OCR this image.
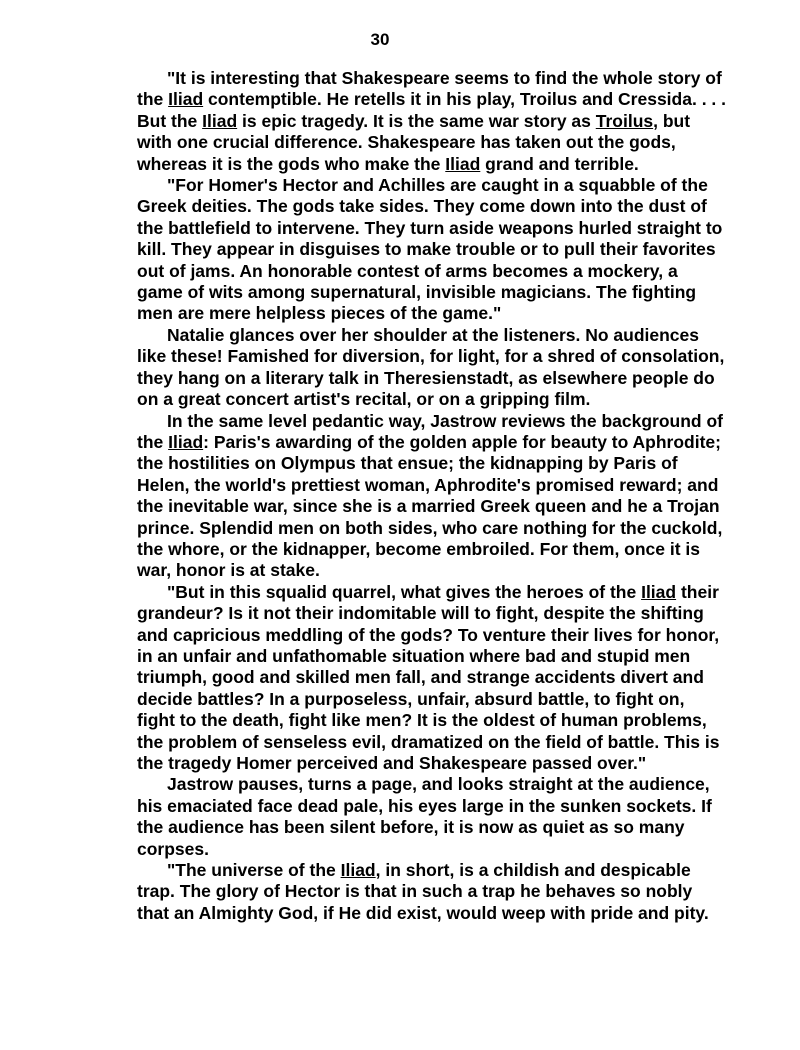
30

"It is interesting that Shakespeare seems to find the whole story of the Iliad contemptible. He retells it in his play, Troilus and Cressida. . . . But the Iliad is epic tragedy. It is the same war story as Troilus, but with one crucial difference. Shakespeare has taken out the gods, whereas it is the gods who make the Iliad grand and terrible.

"For Homer's Hector and Achilles are caught in a squabble of the Greek deities. The gods take sides. They come down into the dust of the battlefield to intervene. They turn aside weapons hurled straight to kill. They appear in disguises to make trouble or to pull their favorites out of jams. An honorable contest of arms becomes a mockery, a game of wits among supernatural, invisible magicians. The fighting men are mere helpless pieces of the game."

Natalie glances over her shoulder at the listeners. No audiences like these! Famished for diversion, for light, for a shred of consolation, they hang on a literary talk in Theresienstadt, as elsewhere people do on a great concert artist's recital, or on a gripping film.

In the same level pedantic way, Jastrow reviews the background of the Iliad: Paris's awarding of the golden apple for beauty to Aphrodite; the hostilities on Olympus that ensue; the kidnapping by Paris of Helen, the world's prettiest woman, Aphrodite's promised reward; and the inevitable war, since she is a married Greek queen and he a Trojan prince. Splendid men on both sides, who care nothing for the cuckold, the whore, or the kidnapper, become embroiled. For them, once it is war, honor is at stake.

"But in this squalid quarrel, what gives the heroes of the Iliad their grandeur? Is it not their indomitable will to fight, despite the shifting and capricious meddling of the gods? To venture their lives for honor, in an unfair and unfathomable situation where bad and stupid men triumph, good and skilled men fall, and strange accidents divert and decide battles? In a purposeless, unfair, absurd battle, to fight on, fight to the death, fight like men? It is the oldest of human problems, the problem of senseless evil, dramatized on the field of battle. This is the tragedy Homer perceived and Shakespeare passed over."

Jastrow pauses, turns a page, and looks straight at the audience, his emaciated face dead pale, his eyes large in the sunken sockets. If the audience has been silent before, it is now as quiet as so many corpses.

"The universe of the Iliad, in short, is a childish and despicable trap. The glory of Hector is that in such a trap he behaves so nobly that an Almighty God, if He did exist, would weep with pride and pity.
